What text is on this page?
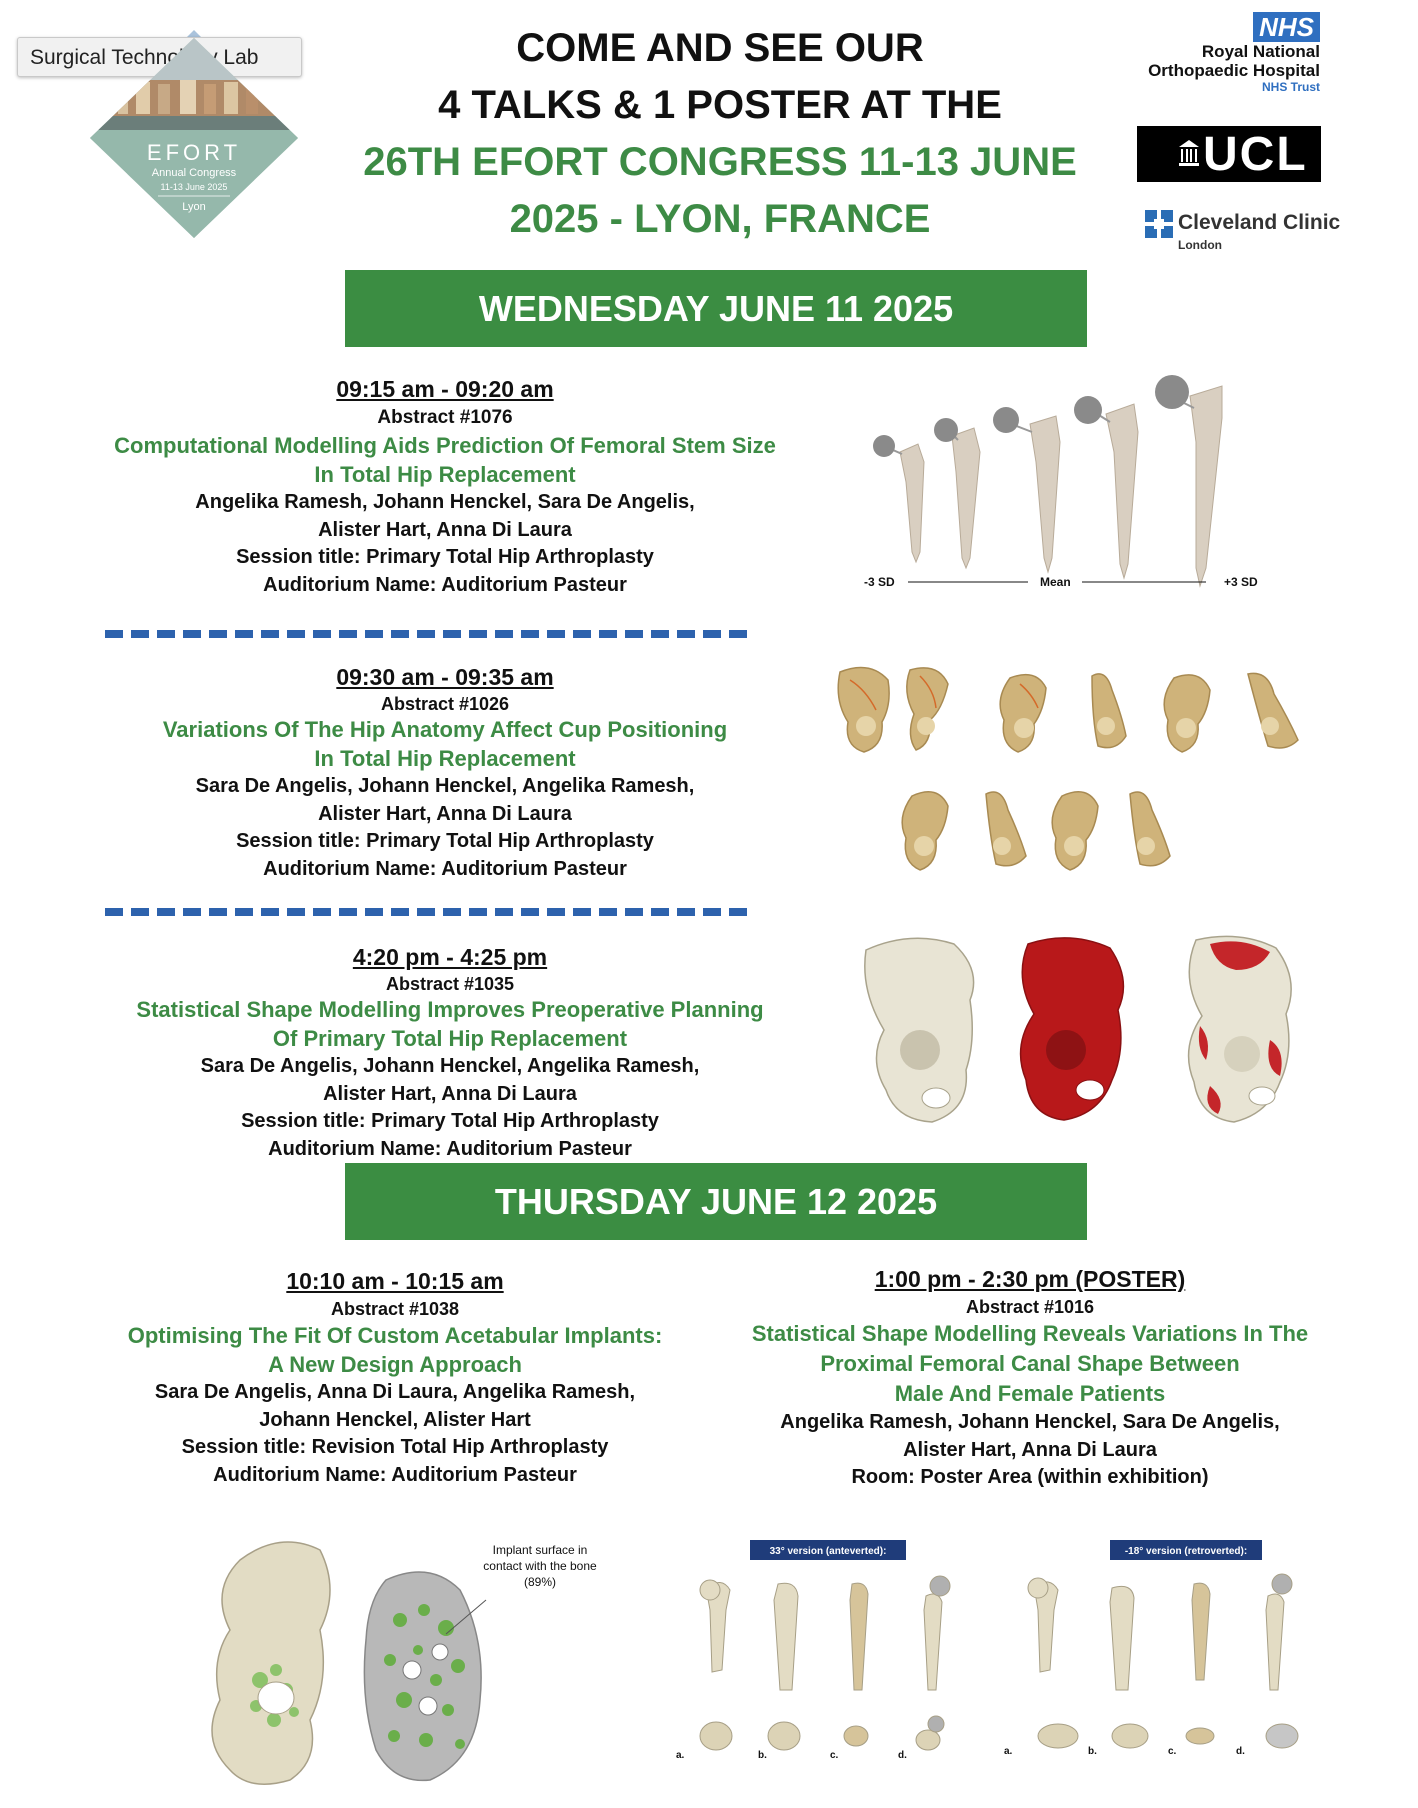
Surgical Technology Lab
EFORT
Annual Congress
11-13 June 2025
Lyon
COME AND SEE OUR
4 TALKS & 1 POSTER AT THE
26TH EFORT CONGRESS 11-13 JUNE
2025 - LYON, FRANCE
NHS
Royal National
Orthopaedic Hospital
NHS Trust
UCL
Cleveland Clinic
London
WEDNESDAY JUNE 11 2025
09:15 am - 09:20 am
Abstract #1076
Computational Modelling Aids Prediction Of Femoral Stem Size
In Total Hip Replacement
Angelika Ramesh, Johann Henckel, Sara De Angelis,
Alister Hart, Anna Di Laura
Session title: Primary Total Hip Arthroplasty
Auditorium Name: Auditorium Pasteur	-3 SD	Mean	+3 SD
09:30 am - 09:35 am
Abstract #1026
Variations Of The Hip Anatomy Affect Cup Positioning
In Total Hip Replacement
Sara De Angelis, Johann Henckel, Angelika Ramesh,
Alister Hart, Anna Di Laura
Session title: Primary Total Hip Arthroplasty
Auditorium Name: Auditorium Pasteur
4:20 pm - 4:25 pm
Abstract #1035
Statistical Shape Modelling Improves Preoperative Planning
Of Primary Total Hip Replacement
Sara De Angelis, Johann Henckel, Angelika Ramesh,
Alister Hart, Anna Di Laura
Session title: Primary Total Hip Arthroplasty
Auditorium Name: Auditorium Pasteur
THURSDAY JUNE 12 2025
10:10 am - 10:15 am
Abstract #1038
Optimising The Fit Of Custom Acetabular Implants:
A New Design Approach
Sara De Angelis, Anna Di Laura, Angelika Ramesh,
Johann Henckel, Alister Hart
Session title: Revision Total Hip Arthroplasty
Auditorium Name: Auditorium Pasteur
1:00 pm - 2:30 pm (POSTER)
Abstract #1016
Statistical Shape Modelling Reveals Variations In The
Proximal Femoral Canal Shape Between
Male And Female Patients
Angelika Ramesh, Johann Henckel, Sara De Angelis,
Alister Hart, Anna Di Laura
Room: Poster Area (within exhibition)
Implant surface in
contact with the bone
(89%)
33° version (anteverted):	-18° version (retroverted):
a.	b.	c.	d.	a.	b.	c.	d.
